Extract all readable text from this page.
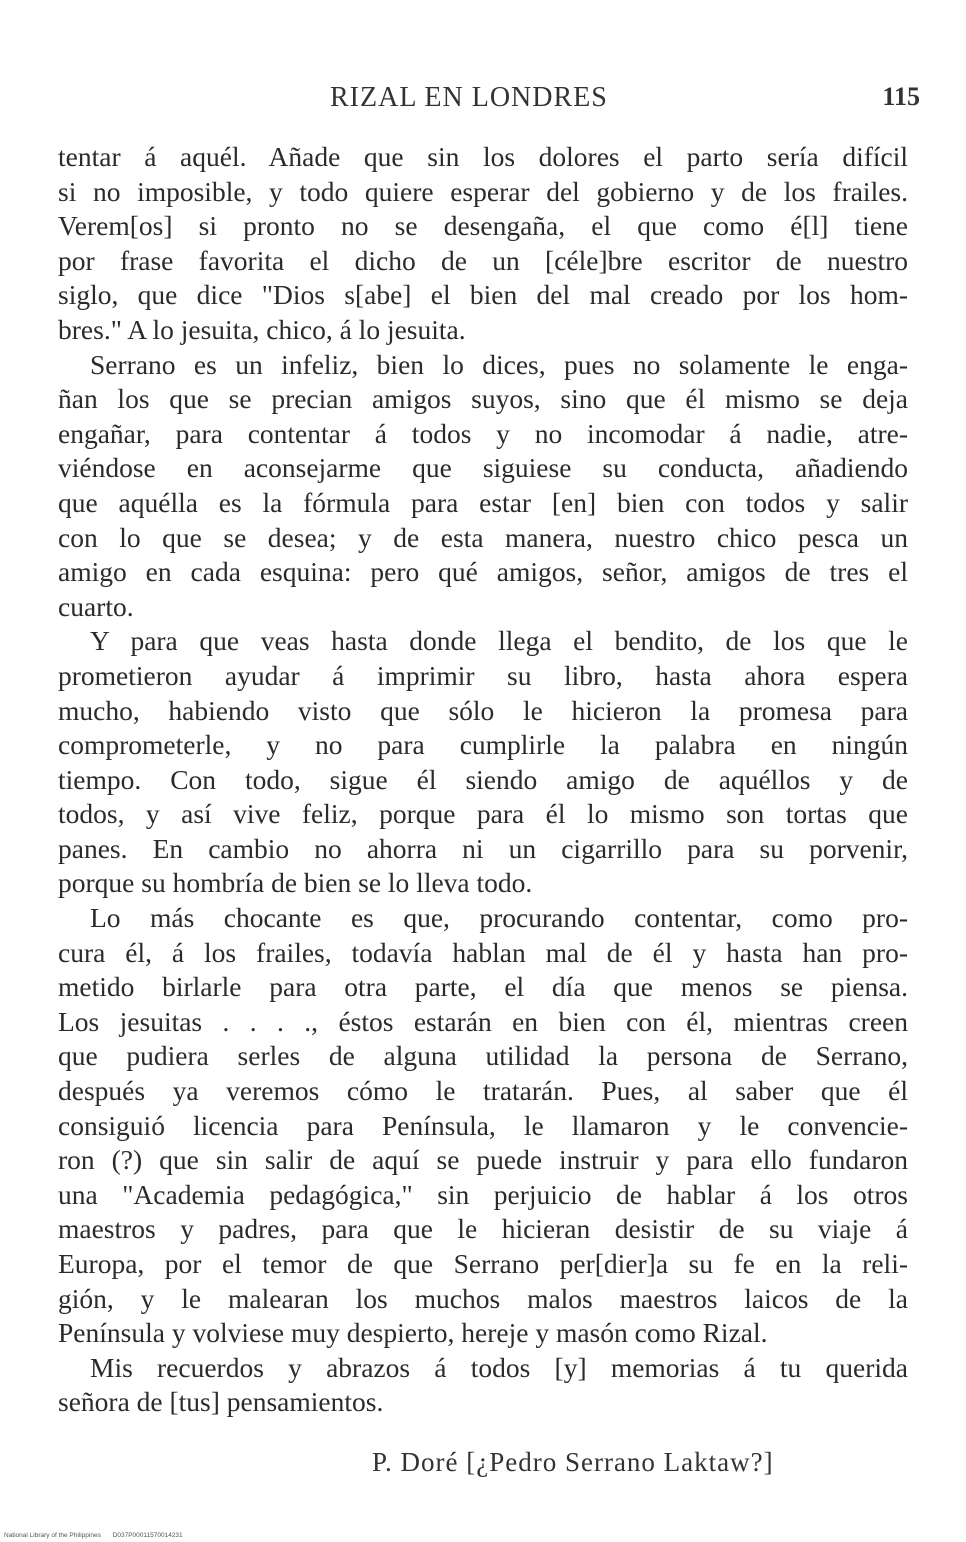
RIZAL EN LONDRES	115
tentar á aquél. Añade que sin los dolores el parto sería difícil
si no imposible, y todo quiere esperar del gobierno y de los frailes.
Verem[os] si pronto no se desengaña, el que como é[l] tiene
por frase favorita el dicho de un [céle]bre escritor de nuestro
siglo, que dice "Dios s[abe] el bien del mal creado por los hom-
bres." A lo jesuita, chico, á lo jesuita.
Serrano es un infeliz, bien lo dices, pues no solamente le enga-
ñan los que se precian amigos suyos, sino que él mismo se deja
engañar, para contentar á todos y no incomodar á nadie, atre-
viéndose en aconsejarme que siguiese su conducta, añadiendo
que aquélla es la fórmula para estar [en] bien con todos y salir
con lo que se desea; y de esta manera, nuestro chico pesca un
amigo en cada esquina: pero qué amigos, señor, amigos de tres el
cuarto.
Y para que veas hasta donde llega el bendito, de los que le
prometieron ayudar á imprimir su libro, hasta ahora espera
mucho, habiendo visto que sólo le hicieron la promesa para
comprometerle, y no para cumplirle la palabra en ningún
tiempo. Con todo, sigue él siendo amigo de aquéllos y de
todos, y así vive feliz, porque para él lo mismo son tortas que
panes. En cambio no ahorra ni un cigarrillo para su porvenir,
porque su hombría de bien se lo lleva todo.
Lo más chocante es que, procurando contentar, como pro-
cura él, á los frailes, todavía hablan mal de él y hasta han pro-
metido birlarle para otra parte, el día que menos se piensa.
Los jesuitas . . . ., éstos estarán en bien con él, mientras creen
que pudiera serles de alguna utilidad la persona de Serrano,
después ya veremos cómo le tratarán. Pues, al saber que él
consiguió licencia para Península, le llamaron y le convencie-
ron (?) que sin salir de aquí se puede instruir y para ello fundaron
una "Academia pedagógica," sin perjuicio de hablar á los otros
maestros y padres, para que le hicieran desistir de su viaje á
Europa, por el temor de que Serrano per[dier]a su fe en la reli-
gión, y le malearan los muchos malos maestros laicos de la
Península y volviese muy despierto, hereje y masón como Rizal.
Mis recuerdos y abrazos á todos [y] memorias á tu querida
señora de [tus] pensamientos.
P. Doré [¿Pedro Serrano Laktaw?]
National Library of the Philippines D037P00011570014231
